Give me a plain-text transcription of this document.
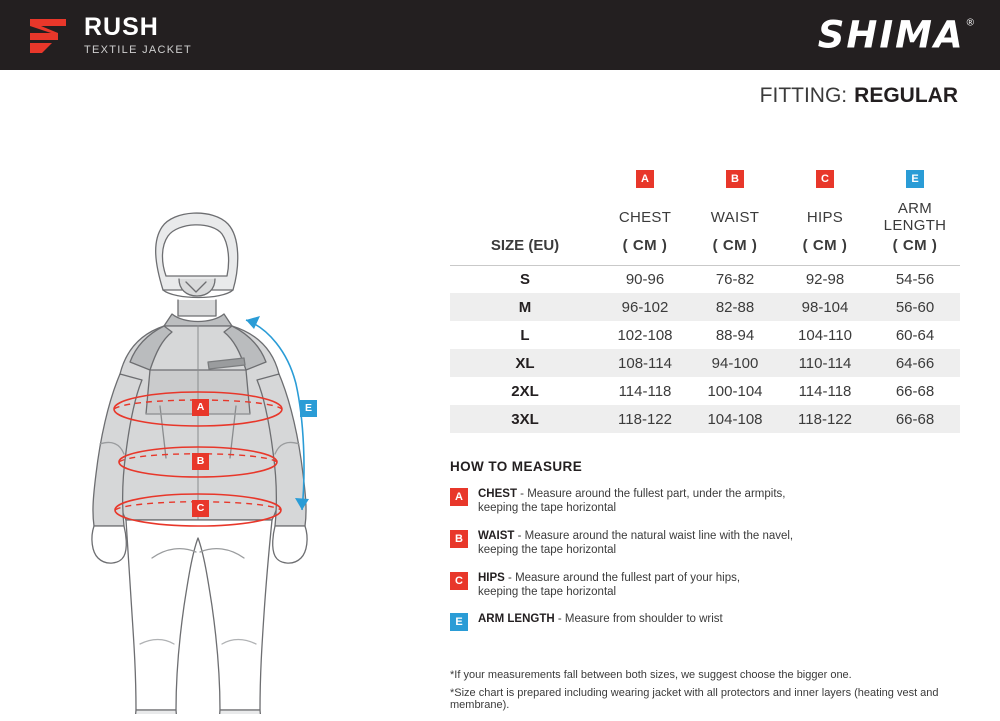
RUSH
TEXTILE JACKET	SHIMA ®
FITTING: REGULAR
A
B
C
E
	A	B	C	E
SIZE (EU)	CHEST	WAIST	HIPS	ARM LENGTH
	( CM )	( CM )	( CM )	( CM )

S	90-96	76-82	92-98	54-56
M	96-102	82-88	98-104	56-60
L	102-108	88-94	104-110	60-64
XL	108-114	94-100	110-114	64-66
2XL	114-118	100-104	114-118	66-68
3XL	118-122	104-108	118-122	66-68
HOW TO MEASURE
A	CHEST - Measure around the fullest part, under the armpits,
keeping the tape horizontal
B	WAIST - Measure around the natural waist line with the navel,
keeping the tape horizontal
C	HIPS - Measure around the fullest part of your hips,
keeping the tape horizontal
E	ARM LENGTH - Measure from shoulder to wrist
*If your measurements fall between both sizes, we suggest choose the bigger one.
*Size chart is prepared including wearing jacket with all protectors and inner layers (heating vest and membrane).
